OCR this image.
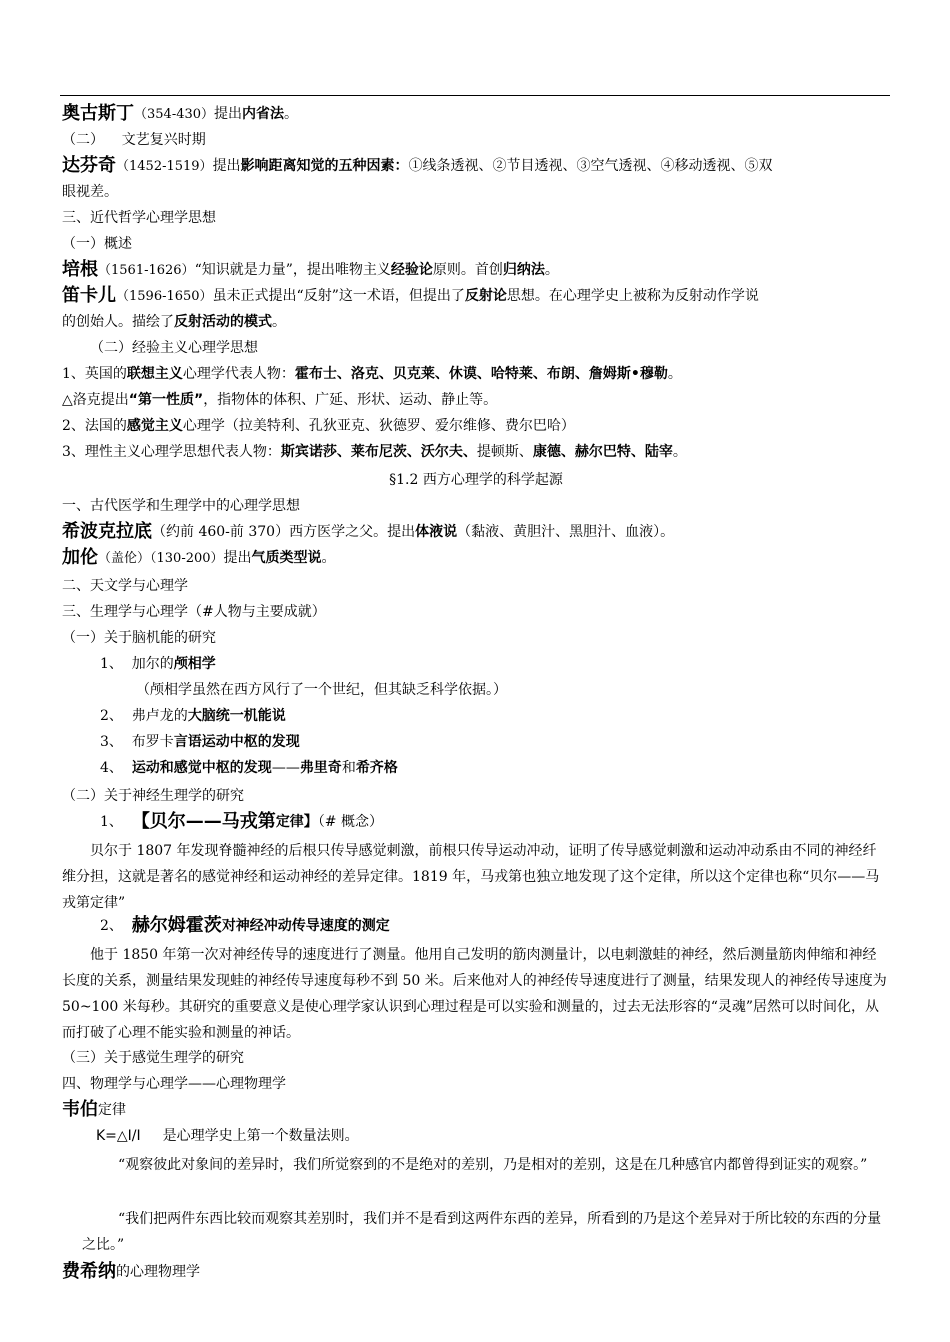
奥古斯丁（354-430）提出内省法。
（二）    文艺复兴时期
达芬奇（1452-1519）提出影响距离知觉的五种因素：①线条透视、②节目透视、③空气透视、④移动透视、⑤双
眼视差。
三、近代哲学心理学思想
（一）概述
培根（1561-1626）“知识就是力量”，提出唯物主义经验论原则。首创归纳法。
笛卡儿（1596-1650）虽未正式提出“反射”这一术语，但提出了反射论思想。在心理学史上被称为反射动作学说
的创始人。描绘了反射活动的模式。
（二）经验主义心理学思想
1、英国的联想主义心理学代表人物：霍布士、洛克、贝克莱、休谟、哈特莱、布朗、詹姆斯•穆勒。
△洛克提出“第一性质”，指物体的体积、广延、形状、运动、静止等。
2、法国的感觉主义心理学（拉美特利、孔狄亚克、狄德罗、爱尔维修、费尔巴哈）
3、理性主义心理学思想代表人物：斯宾诺莎、莱布尼茨、沃尔夫、提顿斯、康德、赫尔巴特、陆宰。
§1.2 西方心理学的科学起源
一、古代医学和生理学中的心理学思想
希波克拉底（约前 460-前 370）西方医学之父。提出体液说（黏液、黄胆汁、黑胆汁、血液）。
加伦（盖伦）（130-200）提出气质类型说。
二、天文学与心理学
三、生理学与心理学（#人物与主要成就）
（一）关于脑机能的研究
1、  加尔的颅相学
（颅相学虽然在西方风行了一个世纪，但其缺乏科学依据。）
2、  弗卢龙的大脑统一机能说
3、  布罗卡言语运动中枢的发现
4、  运动和感觉中枢的发现——弗里奇和希齐格
（二）关于神经生理学的研究
1、  【贝尔——马戎第定律】（# 概念）
贝尔于 1807 年发现脊髓神经的后根只传导感觉刺激，前根只传导运动冲动，证明了传导感觉刺激和运动冲动系由不同的神经纤维分担，这就是著名的感觉神经和运动神经的差异定律。1819 年，马戎第也独立地发现了这个定律，所以这个定律也称“贝尔——马戎第定律”
2、  赫尔姆霍茨对神经冲动传导速度的测定
他于 1850 年第一次对神经传导的速度进行了测量。他用自己发明的筋肉测量计，以电刺激蛙的神经，然后测量筋肉伸缩和神经长度的关系，测量结果发现蛙的神经传导速度每秒不到 50 米。后来他对人的神经传导速度进行了测量，结果发现人的神经传导速度为 50~100 米每秒。其研究的重要意义是使心理学家认识到心理过程是可以实验和测量的，过去无法形容的“灵魂”居然可以时间化，从而打破了心理不能实验和测量的神话。
（三）关于感觉生理学的研究
四、物理学与心理学——心理物理学
韦伯定律
K=△I/I 是心理学史上第一个数量法则。
“观察彼此对象间的差异时，我们所觉察到的不是绝对的差别，乃是相对的差别，这是在几种感官内都曾得到证实的观察。”
“我们把两件东西比较而观察其差别时，我们并不是看到这两件东西的差异，所看到的乃是这个差异对于所比较的东西的分量之比。”
费希纳的心理物理学
